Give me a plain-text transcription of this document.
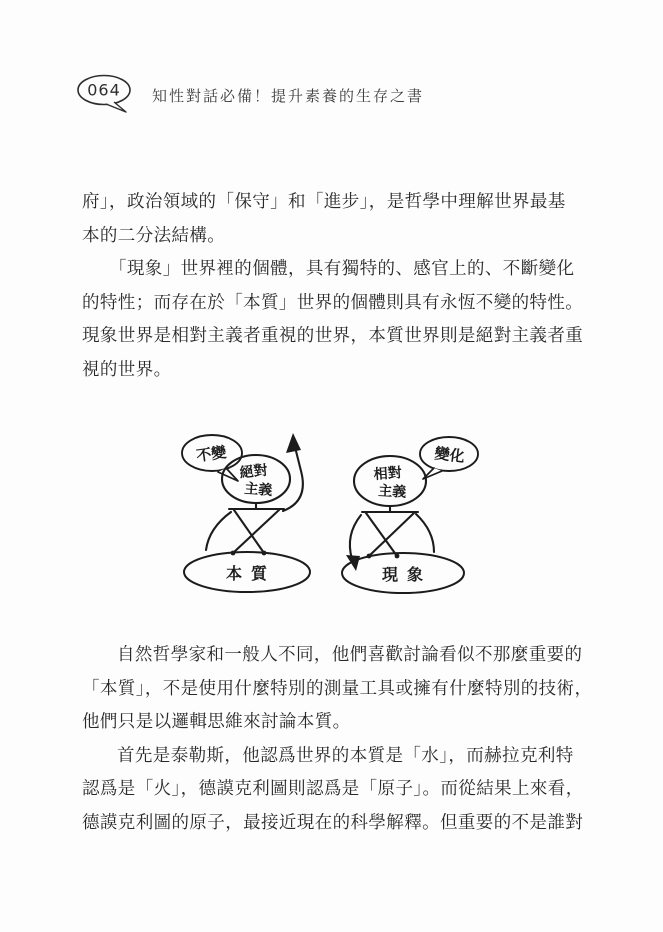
064 知性對話必備！提升素養的生存之書
府」，政治領域的「保守」和「進步」，是哲學中理解世界最基
本的二分法結構。
「現象」世界裡的個體，具有獨特的、感官上的、不斷變化
的特性；而存在於「本質」世界的個體則具有永恆不變的特性。
現象世界是相對主義者重視的世界，本質世界則是絕對主義者重
視的世界。
不變
絕對
主義
本質
變化
相對
主義
現象
自然哲學家和一般人不同，他們喜歡討論看似不那麼重要的
「本質」，不是使用什麼特別的測量工具或擁有什麼特別的技術，
他們只是以邏輯思維來討論本質。
首先是泰勒斯，他認爲世界的本質是「水」，而赫拉克利特
認爲是「火」，德謨克利圖則認爲是「原子」。而從結果上來看，
德謨克利圖的原子，最接近現在的科學解釋。但重要的不是誰對
